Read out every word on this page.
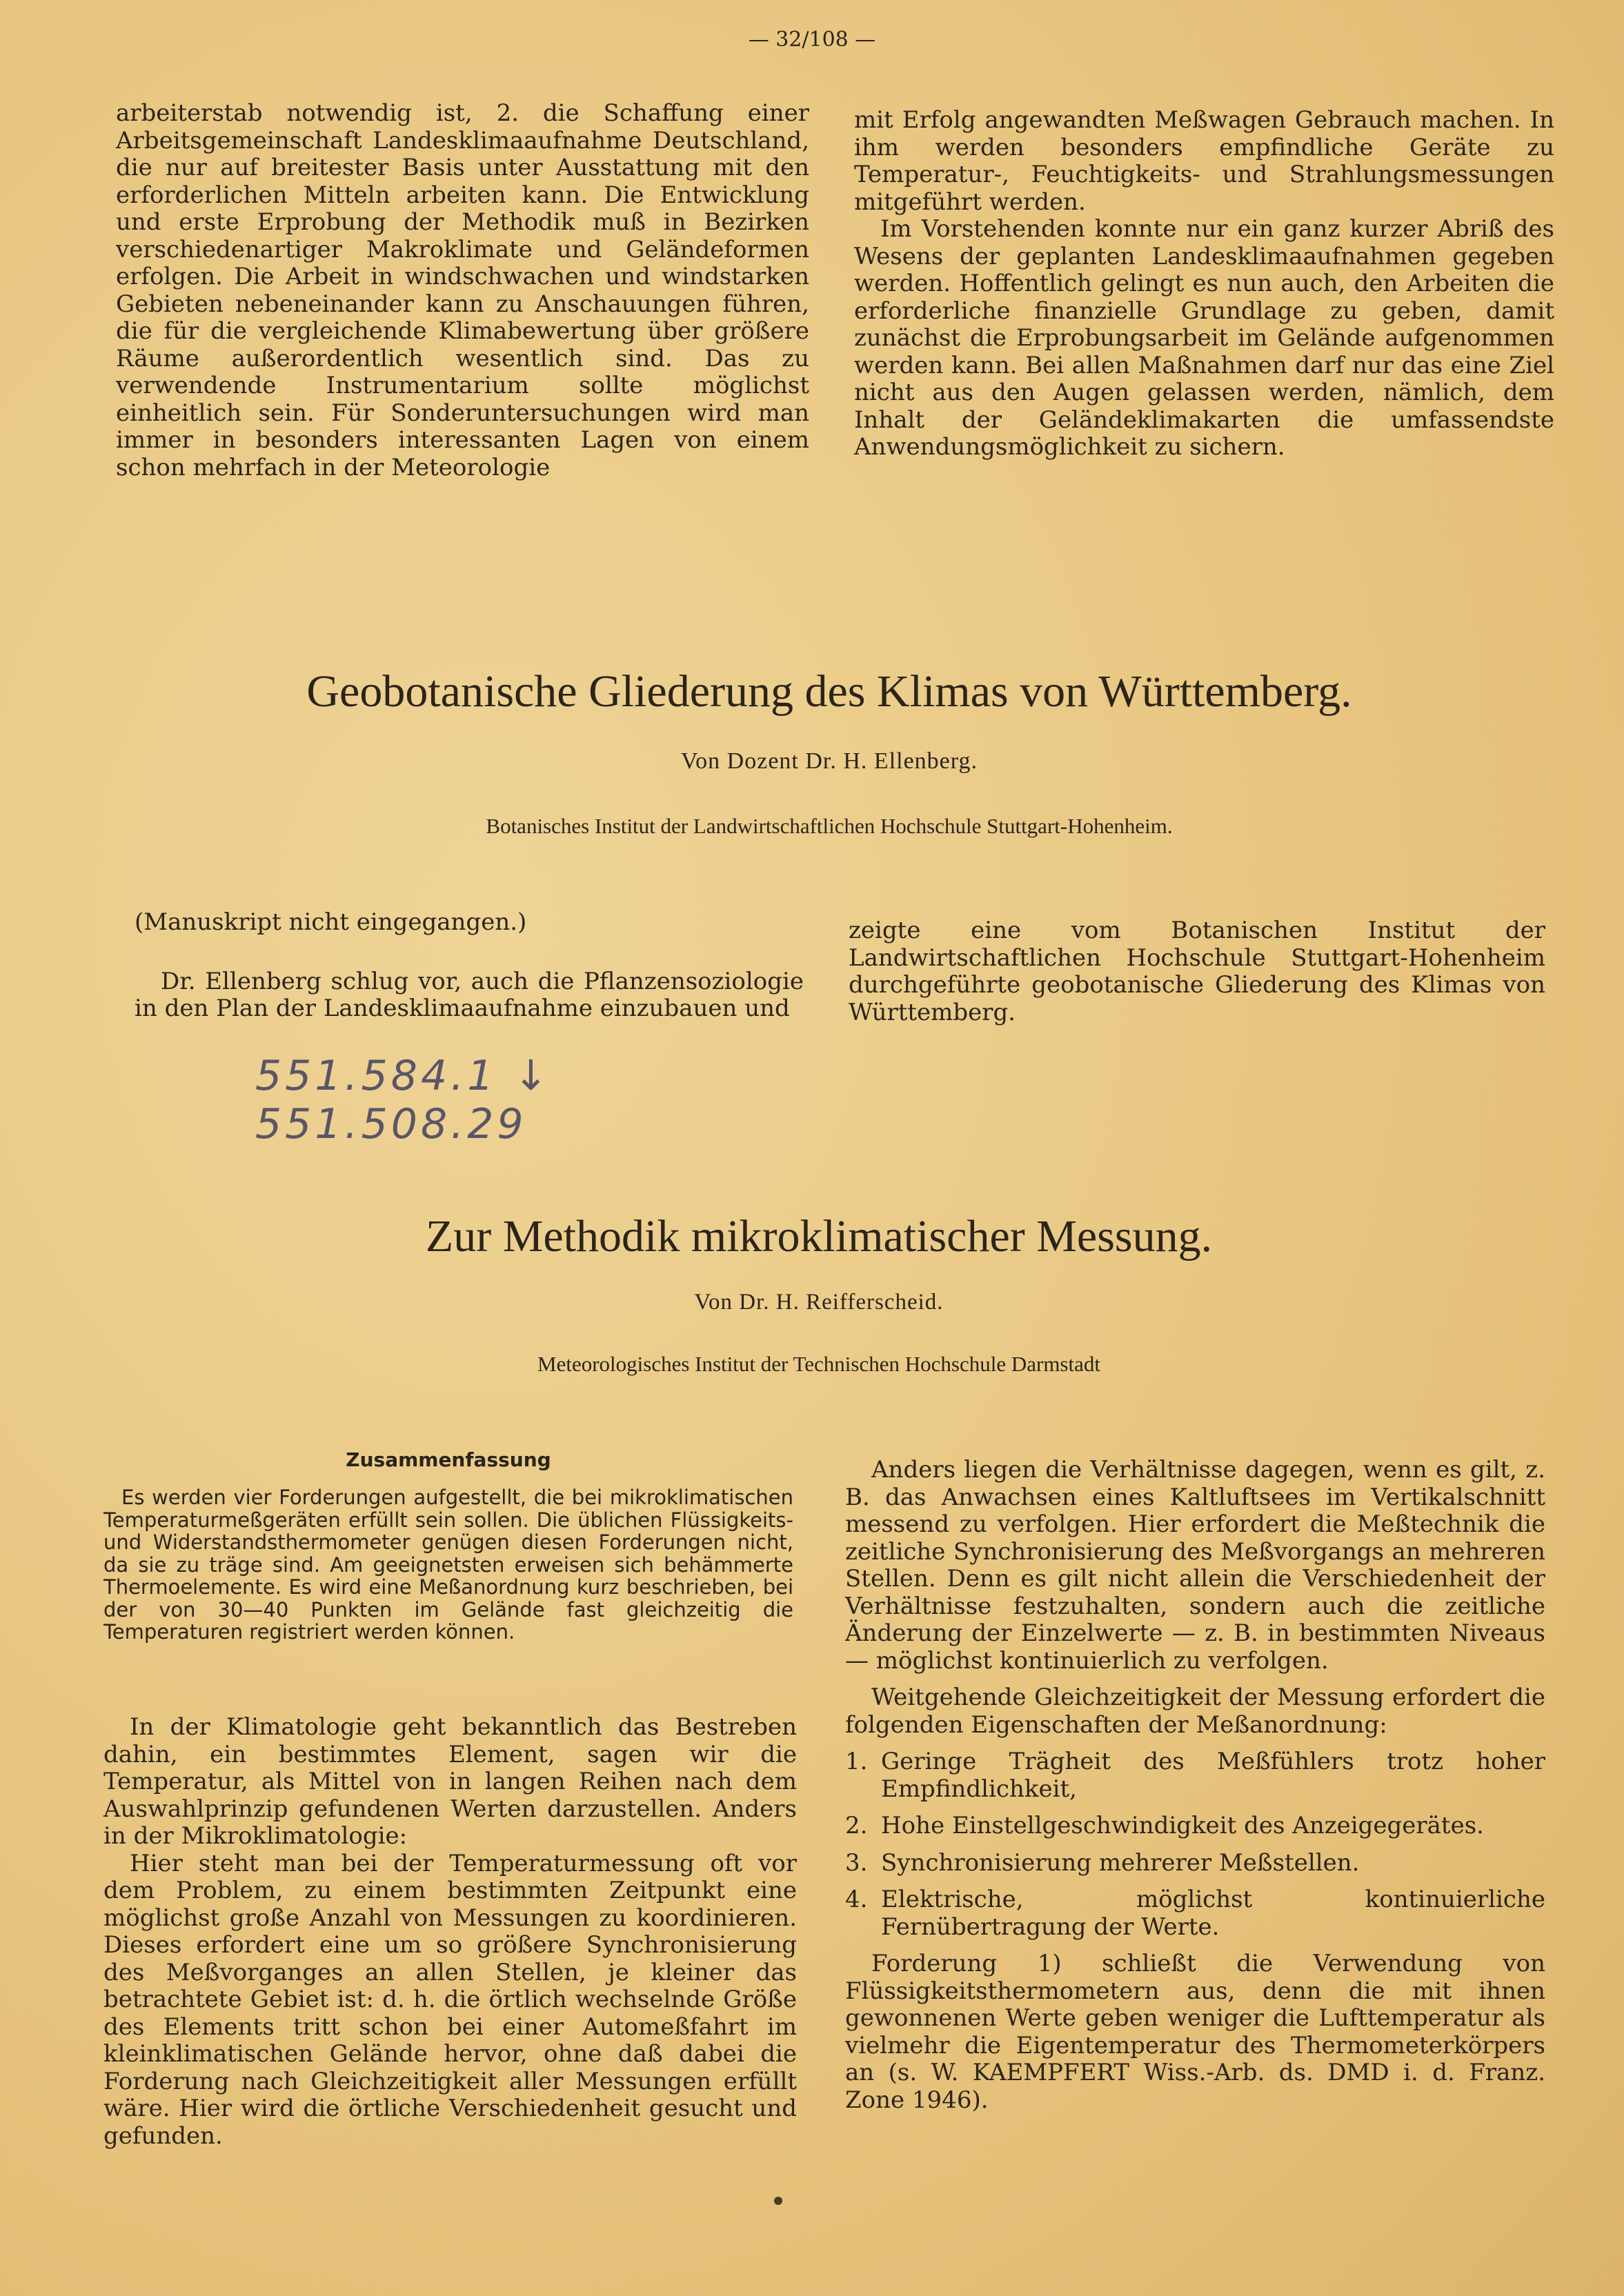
— 32/108 —

arbeiterstab notwendig ist, 2. die Schaffung einer Arbeitsgemeinschaft Landesklimaaufnahme Deutschland, die nur auf breitester Basis unter Ausstattung mit den erforderlichen Mitteln arbeiten kann. Die Entwicklung und erste Erprobung der Methodik muß in Bezirken verschiedenartiger Makroklimate und Geländeformen erfolgen. Die Arbeit in windschwachen und windstarken Gebieten nebeneinander kann zu Anschauungen führen, die für die vergleichende Klimabewertung über größere Räume außerordentlich wesentlich sind. Das zu verwendende Instrumentarium sollte möglichst einheitlich sein. Für Sonderuntersuchungen wird man immer in besonders interessanten Lagen von einem schon mehrfach in der Meteorologie

mit Erfolg angewandten Meßwagen Gebrauch machen. In ihm werden besonders empfindliche Geräte zu Temperatur-, Feuchtigkeits- und Strahlungsmessungen mitgeführt werden.

Im Vorstehenden konnte nur ein ganz kurzer Abriß des Wesens der geplanten Landesklimaaufnahmen gegeben werden. Hoffentlich gelingt es nun auch, den Arbeiten die erforderliche finanzielle Grundlage zu geben, damit zunächst die Erprobungsarbeit im Gelände aufgenommen werden kann. Bei allen Maßnahmen darf nur das eine Ziel nicht aus den Augen gelassen werden, nämlich, dem Inhalt der Geländeklimakarten die umfassendste Anwendungsmöglichkeit zu sichern.

Geobotanische Gliederung des Klimas von Württemberg.
Von Dozent Dr. H. Ellenberg.
Botanisches Institut der Landwirtschaftlichen Hochschule Stuttgart-Hohenheim.

(Manuskript nicht eingegangen.)

Dr. Ellenberg schlug vor, auch die Pflanzensoziologie in den Plan der Landesklimaaufnahme einzubauen und

zeigte eine vom Botanischen Institut der Landwirtschaftlichen Hochschule Stuttgart-Hohenheim durchgeführte geobotanische Gliederung des Klimas von Württemberg.

551.584.1 ↓
551.508.29
Zur Methodik mikroklimatischer Messung.
Von Dr. H. Reifferscheid.
Meteorologisches Institut der Technischen Hochschule Darmstadt
Zusammenfassung

Es werden vier Forderungen aufgestellt, die bei mikroklimatischen Temperaturmeßgeräten erfüllt sein sollen. Die üblichen Flüssigkeits- und Widerstandsthermometer genügen diesen Forderungen nicht, da sie zu träge sind. Am geeignetsten erweisen sich behämmerte Thermoelemente. Es wird eine Meßanordnung kurz beschrieben, bei der von 30—40 Punkten im Gelände fast gleichzeitig die Temperaturen registriert werden können.

In der Klimatologie geht bekanntlich das Bestreben dahin, ein bestimmtes Element, sagen wir die Temperatur, als Mittel von in langen Reihen nach dem Auswahlprinzip gefundenen Werten darzustellen. Anders in der Mikroklimatologie:

Hier steht man bei der Temperaturmessung oft vor dem Problem, zu einem bestimmten Zeitpunkt eine möglichst große Anzahl von Messungen zu koordinieren. Dieses erfordert eine um so größere Synchronisierung des Meßvorganges an allen Stellen, je kleiner das betrachtete Gebiet ist: d. h. die örtlich wechselnde Größe des Elements tritt schon bei einer Automeßfahrt im kleinklimatischen Gelände hervor, ohne daß dabei die Forderung nach Gleichzeitigkeit aller Messungen erfüllt wäre. Hier wird die örtliche Verschiedenheit gesucht und gefunden.

Anders liegen die Verhältnisse dagegen, wenn es gilt, z. B. das Anwachsen eines Kaltluftsees im Vertikalschnitt messend zu verfolgen. Hier erfordert die Meßtechnik die zeitliche Synchronisierung des Meßvorgangs an mehreren Stellen. Denn es gilt nicht allein die Verschiedenheit der Verhältnisse festzuhalten, sondern auch die zeitliche Änderung der Einzelwerte — z. B. in bestimmten Niveaus — möglichst kontinuierlich zu verfolgen.

Weitgehende Gleichzeitigkeit der Messung erfordert die folgenden Eigenschaften der Meßanordnung:

1. Geringe Trägheit des Meßfühlers trotz hoher Empfindlichkeit,
2. Hohe Einstellgeschwindigkeit des Anzeigegerätes.
3. Synchronisierung mehrerer Meßstellen.
4. Elektrische, möglichst kontinuierliche Fernübertragung der Werte.

Forderung 1) schließt die Verwendung von Flüssigkeitsthermometern aus, denn die mit ihnen gewonnenen Werte geben weniger die Lufttemperatur als vielmehr die Eigentemperatur des Thermometerkörpers an (s. W. KAEMPFERT Wiss.-Arb. ds. DMD i. d. Franz. Zone 1946).
